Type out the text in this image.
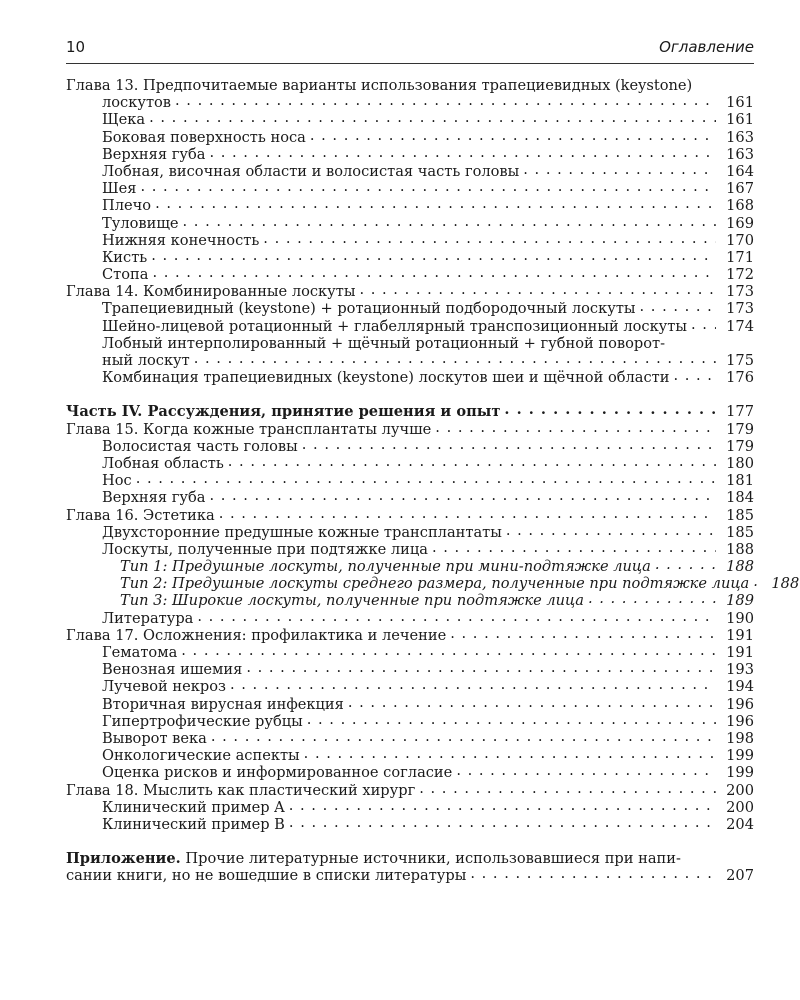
10	Оглавление
Глава 13. Предпочитаемые варианты использования трапециевидных (keystone)
лоскутов . . .	161
Щека . . .	161
Боковая поверхность носа . . .	163
Верхняя губа . . .	163
Лобная, височная области и волосистая часть головы . . .	164
Шея . . .	167
Плечо . . .	168
Туловище . . .	169
Нижняя конечность . . .	170
Кисть . . .	171
Стопа . . .	172
Глава 14. Комбинированные лоскуты . . .	173
Трапециевидный (keystone) + ротационный подбородочный лоскуты . . .	173
Шейно-лицевой ротационный + глабеллярный транспозиционный лоскуты . . .	174
Лобный интерполированный + щёчный ротационный + губной поворот-
ный лоскут . . .	175
Комбинация трапециевидных (keystone) лоскутов шеи и щёчной области . . .	176
Часть IV. Рассуждения, принятие решения и опыт . . .	177
Глава 15. Когда кожные трансплантаты лучше . . .	179
Волосистая часть головы . . .	179
Лобная область . . .	180
Нос . . .	181
Верхняя губа . . .	184
Глава 16. Эстетика . . .	185
Двухсторонние предушные кожные трансплантаты . . .	185
Лоскуты, полученные при подтяжке лица . . .	188
Тип 1: Предушные лоскуты, полученные при мини-подтяжке лица . . .	188
Тип 2: Предушные лоскуты среднего размера, полученные при подтяжке лица . . .	188
Тип 3: Широкие лоскуты, полученные при подтяжке лица . . .	189
Литература . . .	190
Глава 17. Осложнения: профилактика и лечение . . .	191
Гематома . . .	191
Венозная ишемия . . .	193
Лучевой некроз . . .	194
Вторичная вирусная инфекция . . .	196
Гипертрофические рубцы . . .	196
Выворот века . . .	198
Онкологические аспекты . . .	199
Оценка рисков и информированное согласие . . .	199
Глава 18. Мыслить как пластический хирург . . .	200
Клинический пример A . . .	200
Клинический пример B . . .	204
Приложение. Прочие литературные источники, использовавшиеся при напи-
сании книги, но не вошедшие в списки литературы . . .	207
